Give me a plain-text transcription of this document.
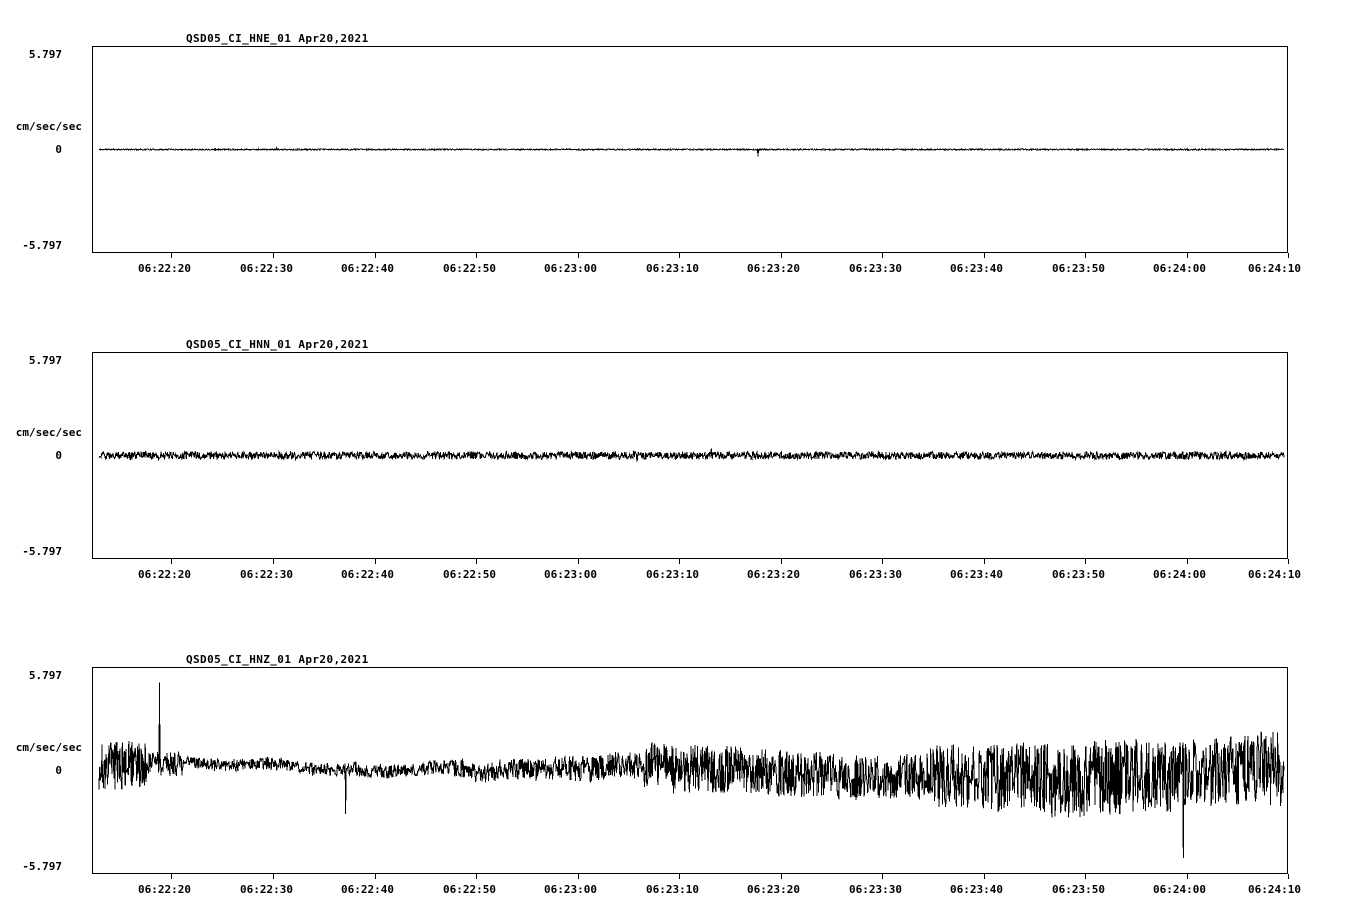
QSD05_CI_HNE_01 Apr20,2021
5.797
cm/sec/sec
0
-5.797
06:22:20	06:22:30	06:22:40	06:22:50	06:23:00	06:23:10	06:23:20	06:23:30	06:23:40	06:23:50	06:24:00	06:24:10
QSD05_CI_HNN_01 Apr20,2021
5.797
cm/sec/sec
0
-5.797
06:22:20	06:22:30	06:22:40	06:22:50	06:23:00	06:23:10	06:23:20	06:23:30	06:23:40	06:23:50	06:24:00	06:24:10
QSD05_CI_HNZ_01 Apr20,2021
5.797
cm/sec/sec
0
-5.797
06:22:20	06:22:30	06:22:40	06:22:50	06:23:00	06:23:10	06:23:20	06:23:30	06:23:40	06:23:50	06:24:00	06:24:10
